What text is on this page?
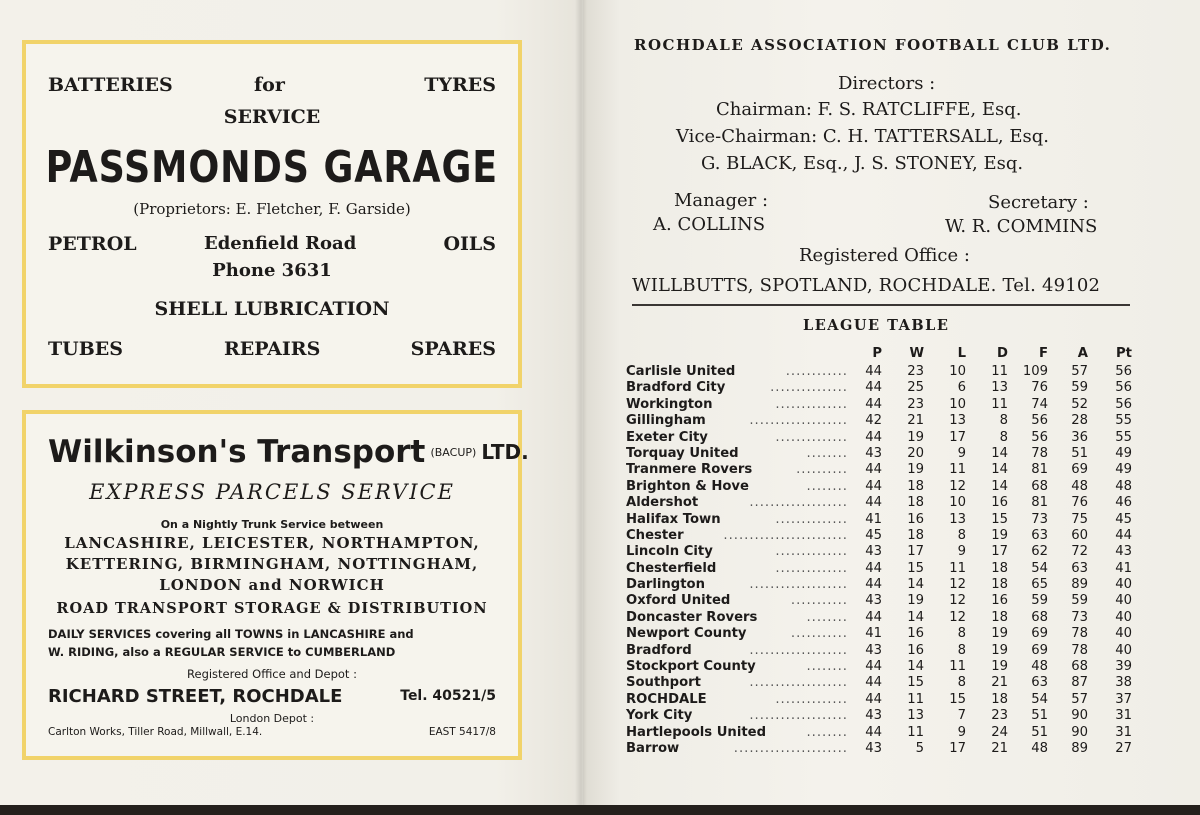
BATTERIES	for	TYRES
SERVICE
PASSMONDS GARAGE
(Proprietors: E. Fletcher, F. Garside)
PETROL	Edenfield Road	OILS
Phone 3631
SHELL LUBRICATION
TUBES	REPAIRS	SPARES
Wilkinson's Transport $^{(BACUP)}$ LTD.
EXPRESS PARCELS SERVICE
On a Nightly Trunk Service between
LANCASHIRE, LEICESTER, NORTHAMPTON,
KETTERING, BIRMINGHAM, NOTTINGHAM,
LONDON and NORWICH
ROAD TRANSPORT STORAGE & DISTRIBUTION
DAILY SERVICES covering all TOWNS in LANCASHIRE and
W. RIDING, also a REGULAR SERVICE to CUMBERLAND
Registered Office and Depot :
RICHARD STREET, ROCHDALE	Tel. 40521/5
London Depot :
Carlton Works, Tiller Road, Millwall, E.14.	EAST 5417/8
ROCHDALE ASSOCIATION FOOTBALL CLUB LTD.
Directors :
Chairman: F. S. RATCLIFFE, Esq.
Vice-Chairman: C. H. TATTERSALL, Esq.
G. BLACK, Esq., J. S. STONEY, Esq.
Manager :
A. COLLINS
Secretary :
W. R. COMMINS
Registered Office :
WILLBUTTS, SPOTLAND, ROCHDALE. Tel. 49102
LEAGUE TABLE
P	W	L	D	F	A	Pt
Carlisle United	............	44	23	10	11	109	57	56
Bradford City	...............	44	25	6	13	76	59	56
Workington	..............	44	23	10	11	74	52	56
Gillingham	...................	42	21	13	8	56	28	55
Exeter City	..............	44	19	17	8	56	36	55
Torquay United	........	43	20	9	14	78	51	49
Tranmere Rovers	..........	44	19	11	14	81	69	49
Brighton & Hove	........	44	18	12	14	68	48	48
Aldershot	...................	44	18	10	16	81	76	46
Halifax Town	..............	41	16	13	15	73	75	45
Chester	........................	45	18	8	19	63	60	44
Lincoln City	..............	43	17	9	17	62	72	43
Chesterfield	..............	44	15	11	18	54	63	41
Darlington	...................	44	14	12	18	65	89	40
Oxford United	...........	43	19	12	16	59	59	40
Doncaster Rovers	........	44	14	12	18	68	73	40
Newport County	...........	41	16	8	19	69	78	40
Bradford	...................	43	16	8	19	69	78	40
Stockport County	........	44	14	11	19	48	68	39
Southport	...................	44	15	8	21	63	87	38
ROCHDALE	..............	44	11	15	18	54	57	37
York City	...................	43	13	7	23	51	90	31
Hartlepools United	........	44	11	9	24	51	90	31
Barrow	......................	43	5	17	21	48	89	27
